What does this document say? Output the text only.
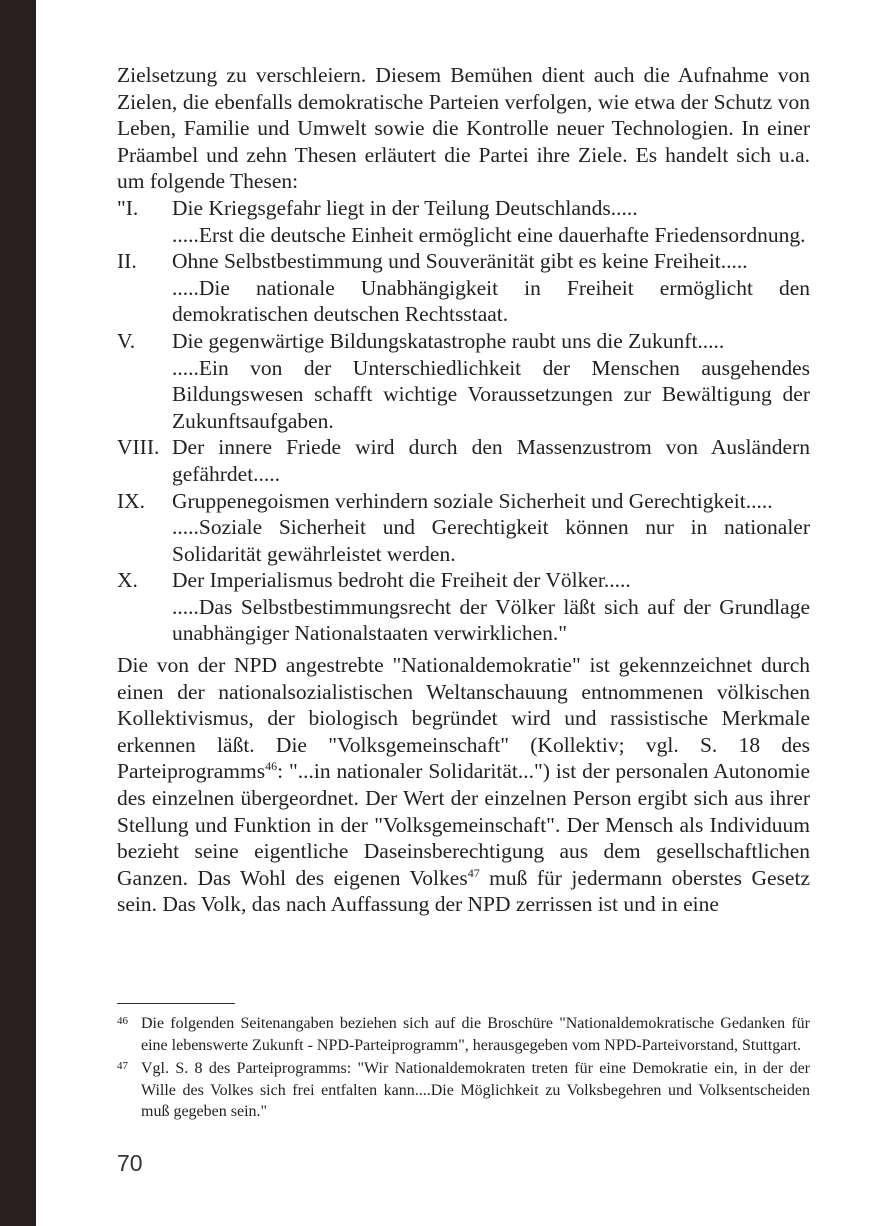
Zielsetzung zu verschleiern. Diesem Bemühen dient auch die Aufnahme von Zielen, die ebenfalls demokratische Parteien verfolgen, wie etwa der Schutz von Leben, Familie und Umwelt sowie die Kontrolle neuer Technologien. In einer Präambel und zehn Thesen erläutert die Partei ihre Ziele. Es handelt sich u.a. um folgende Thesen:

"I.	Die Kriegsgefahr liegt in der Teilung Deutschlands.....
.....Erst die deutsche Einheit ermöglicht eine dauerhafte Friedensordnung.
II.	Ohne Selbstbestimmung und Souveränität gibt es keine Freiheit.....
.....Die nationale Unabhängigkeit in Freiheit ermöglicht den demokratischen deutschen Rechtsstaat.
V.	Die gegenwärtige Bildungskatastrophe raubt uns die Zukunft.....
.....Ein von der Unterschiedlichkeit der Menschen ausgehendes Bildungswesen schafft wichtige Voraussetzungen zur Bewältigung der Zukunftsaufgaben.
VIII. Der innere Friede wird durch den Massenzustrom von Ausländern gefährdet.....
IX.	Gruppenegoismen verhindern soziale Sicherheit und Gerechtigkeit.....
.....Soziale Sicherheit und Gerechtigkeit können nur in nationaler Solidarität gewährleistet werden.
X.	Der Imperialismus bedroht die Freiheit der Völker.....
.....Das Selbstbestimmungsrecht der Völker läßt sich auf der Grundlage unabhängiger Nationalstaaten verwirklichen."

Die von der NPD angestrebte "Nationaldemokratie" ist gekennzeichnet durch einen der nationalsozialistischen Weltanschauung entnommenen völkischen Kollektivismus, der biologisch begründet wird und rassistische Merkmale erkennen läßt. Die "Volksgemeinschaft" (Kollektiv; vgl. S. 18 des Parteiprogramms$^{46}$: "...in nationaler Solidarität...") ist der personalen Autonomie des einzelnen übergeordnet. Der Wert der einzelnen Person ergibt sich aus ihrer Stellung und Funktion in der "Volksgemeinschaft". Der Mensch als Individuum bezieht seine eigentliche Daseinsberechtigung aus dem gesellschaftlichen Ganzen. Das Wohl des eigenen Volkes$^{47}$ muß für jedermann oberstes Gesetz sein. Das Volk, das nach Auffassung der NPD zerrissen ist und in eine

46 Die folgenden Seitenangaben beziehen sich auf die Broschüre "Nationaldemokratische Gedanken für eine lebenswerte Zukunft - NPD-Parteiprogramm", herausgegeben vom NPD-Parteivorstand, Stuttgart.
47 Vgl. S. 8 des Parteiprogramms: "Wir Nationaldemokraten treten für eine Demokratie ein, in der der Wille des Volkes sich frei entfalten kann....Die Möglichkeit zu Volksbegehren und Volksentscheiden muß gegeben sein."
70
